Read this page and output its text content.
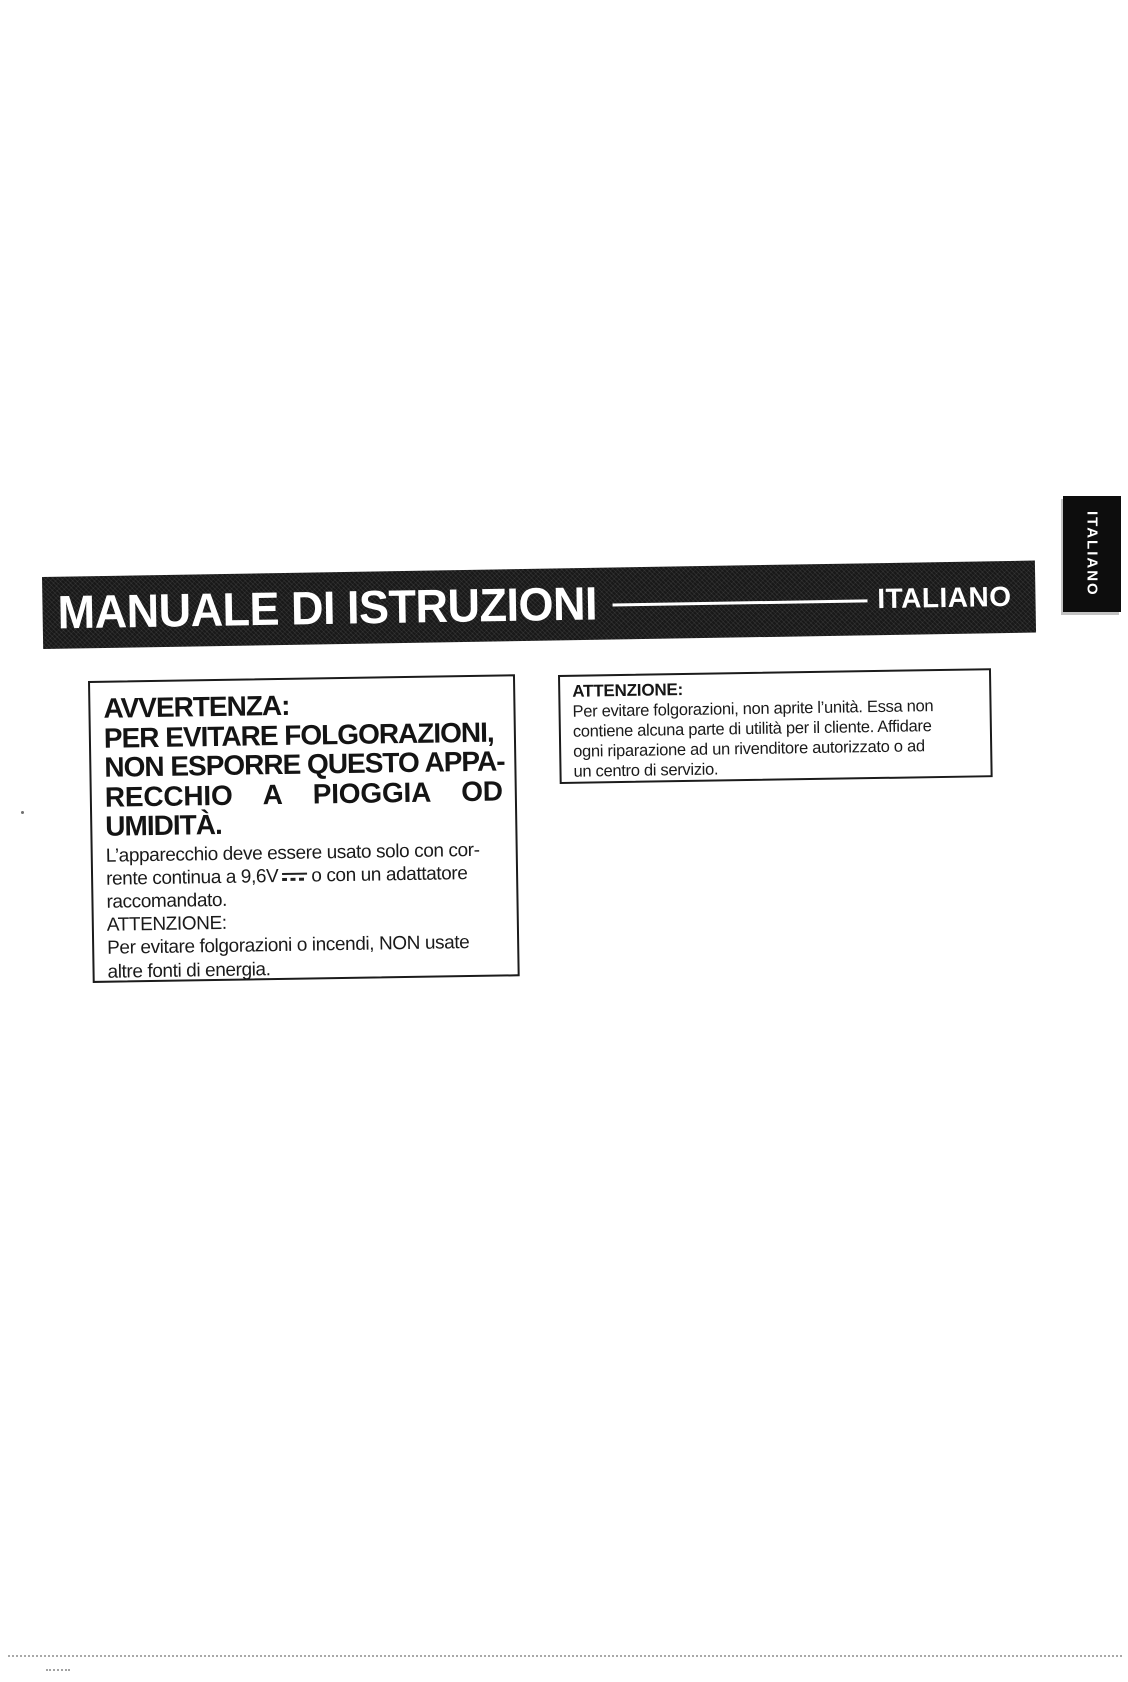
MANUALE DI ISTRUZIONI	ITALIANO
ITALIANO
AVVERTENZA:
PER EVITARE FOLGORAZIONI,
NON ESPORRE QUESTO APPA-
RECCHIO A PIOGGIA OD
UMIDITÀ.
L’apparecchio deve essere usato solo con cor-
rente continua a 9,6V o con un adattatore
raccomandato.
ATTENZIONE:
Per evitare folgorazioni o incendi, NON usate
altre fonti di energia.
ATTENZIONE:
Per evitare folgorazioni, non aprite l’unità. Essa non
contiene alcuna parte di utilità per il cliente. Affidare
ogni riparazione ad un rivenditore autorizzato o ad
un centro di servizio.
